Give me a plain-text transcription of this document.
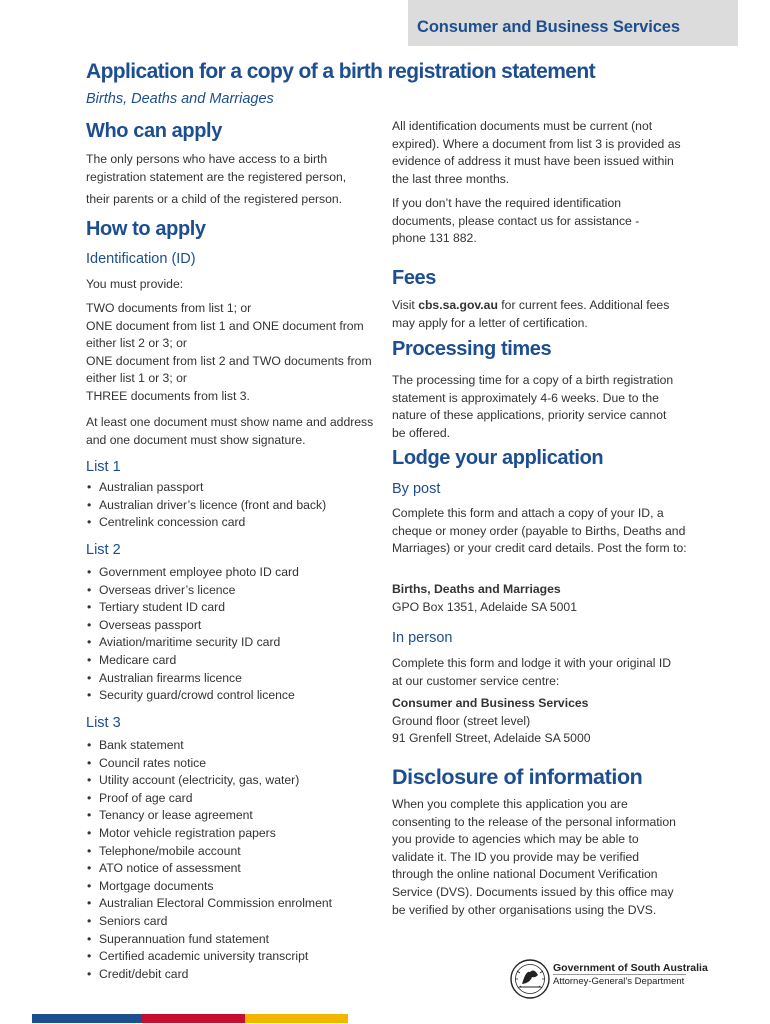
Consumer and Business Services
Application for a copy of a birth registration statement
Births, Deaths and Marriages
Who can apply

The only persons who have access to a birth registration statement are the registered person,

their parents or a child of the registered person.

How to apply
Identification (ID)

You must provide:

TWO documents from list 1; or

ONE document from list 1 and ONE document from either list 2 or 3; or

ONE document from list 2 and TWO documents from either list 1 or 3; or

THREE documents from list 3.

At least one document must show name and address and one document must show signature.

List 1
• Australian passport
• Australian driver’s licence (front and back)
• Centrelink concession card
List 2
• Government employee photo ID card
• Overseas driver’s licence
• Tertiary student ID card
• Overseas passport
• Aviation/maritime security ID card
• Medicare card
• Australian firearms licence
• Security guard/crowd control licence
List 3
• Bank statement
• Council rates notice
• Utility account (electricity, gas, water)
• Proof of age card
• Tenancy or lease agreement
• Motor vehicle registration papers
• Telephone/mobile account
• ATO notice of assessment
• Mortgage documents
• Australian Electoral Commission enrolment
• Seniors card
• Superannuation fund statement
• Certified academic university transcript
• Credit/debit card

All identification documents must be current (not expired). Where a document from list 3 is provided as evidence of address it must have been issued within the last three months.

If you don’t have the required identification documents, please contact us for assistance - phone 131 882.

Fees

Visit cbs.sa.gov.au for current fees. Additional fees may apply for a letter of certification.

Processing times

The processing time for a copy of a birth registration statement is approximately 4-6 weeks. Due to the nature of these applications, priority service cannot be offered.

Lodge your application
By post

Complete this form and attach a copy of your ID, a cheque or money order (payable to Births, Deaths and Marriages) or your credit card details. Post the form to:

Births, Deaths and Marriages
GPO Box 1351, Adelaide SA 5001
In person

Complete this form and lodge it with your original ID at our customer service centre:

Consumer and Business Services
Ground floor (street level)
91 Grenfell Street, Adelaide SA 5000
Disclosure of information

When you complete this application you are consenting to the release of the personal information you provide to agencies which may be able to validate it. The ID you provide may be verified through the online national Document Verification Service (DVS). Documents issued by this office may be verified by other organisations using the DVS.

Government of South Australia
Attorney-General’s Department
